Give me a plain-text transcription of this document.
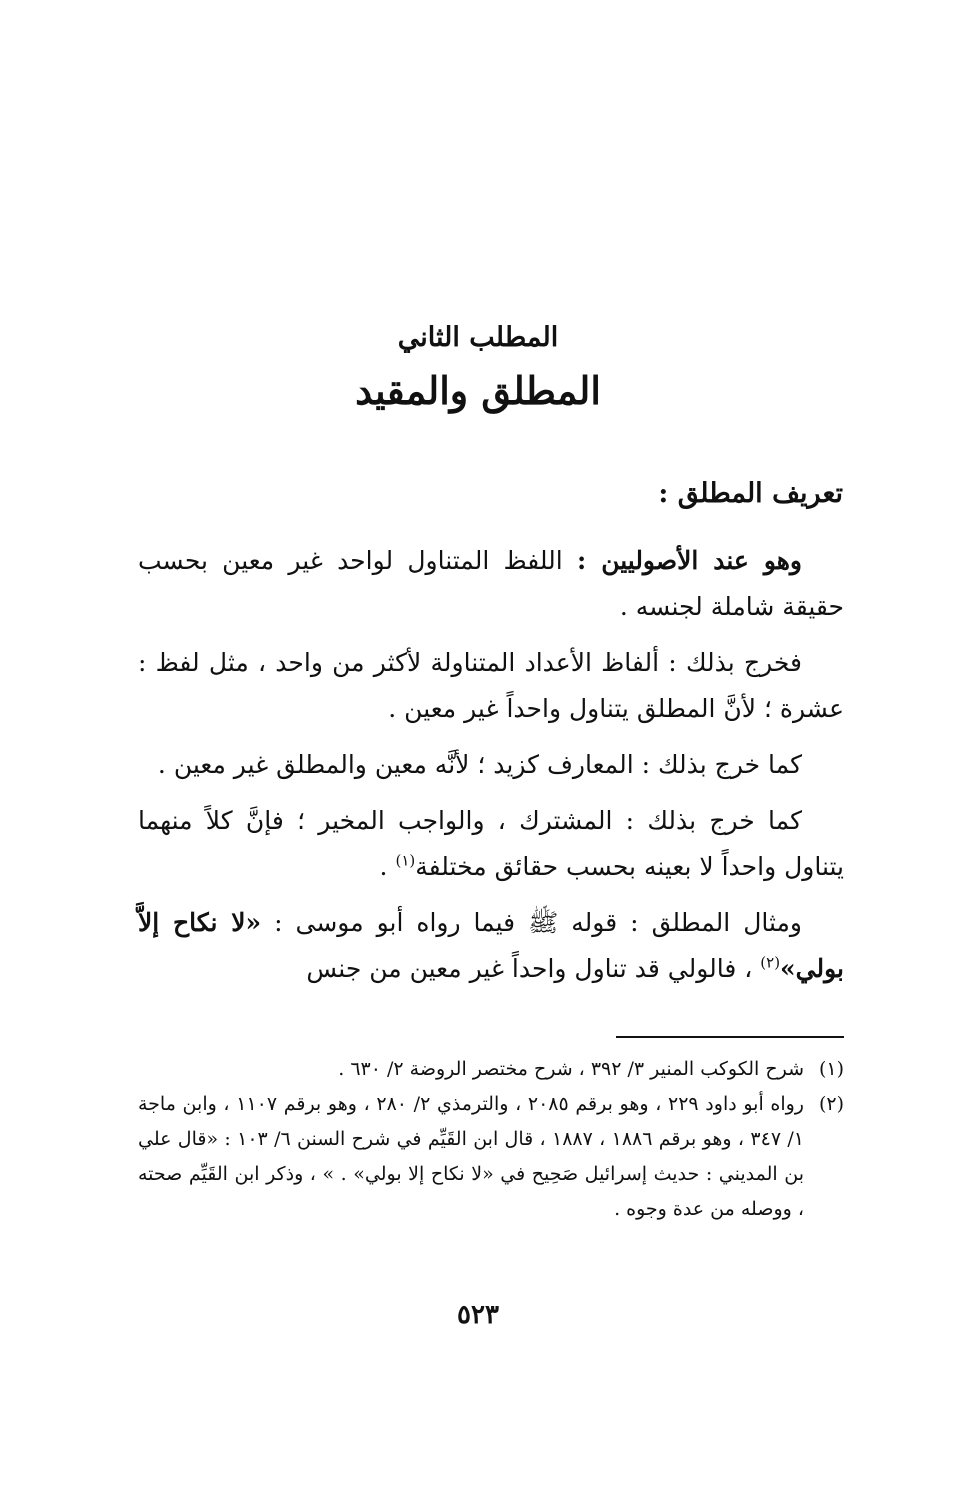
المطلب الثاني
المطلق والمقيد
تعريف المطلق :

وهو عند الأصوليين : اللفظ المتناول لواحد غير معين بحسب حقيقة شاملة لجنسه .

فخرج بذلك : ألفاظ الأعداد المتناولة لأكثر من واحد ، مثل لفظ : عشرة ؛ لأنَّ المطلق يتناول واحداً غير معين .

كما خرج بذلك : المعارف كزيد ؛ لأنَّه معين والمطلق غير معين .

كما خرج بذلك : المشترك ، والواجب المخير ؛ فإنَّ كلاً منهما يتناول واحداً لا بعينه بحسب حقائق مختلفة$^{(١)}$ .

ومثال المطلق : قوله ﷺ فيما رواه أبو موسى : «لا نكاح إلاَّ بولي»$^{(٢)}$ ، فالولي قد تناول واحداً غير معين من جنس

(١)
شرح الكوكب المنير ٣/ ٣٩٢ ، شرح مختصر الروضة ٢/ ٦٣٠ .
(٢)
رواه أبو داود ٢٢٩ ، وهو برقم ٢٠٨٥ ، والترمذي ٢/ ٢٨٠ ، وهو برقم ١١٠٧ ، وابن ماجة ١/ ٣٤٧ ، وهو برقم ١٨٨٦ ، ١٨٨٧ ، قال ابن القَيِّم في شرح السنن ٦/ ١٠٣ : «قال علي بن المديني : حديث إسرائيل صَحِيح في «لا نكاح إلا بولي» . » ، وذكر ابن القَيِّم صحته ، ووصله من عدة وجوه .
٥٢٣
